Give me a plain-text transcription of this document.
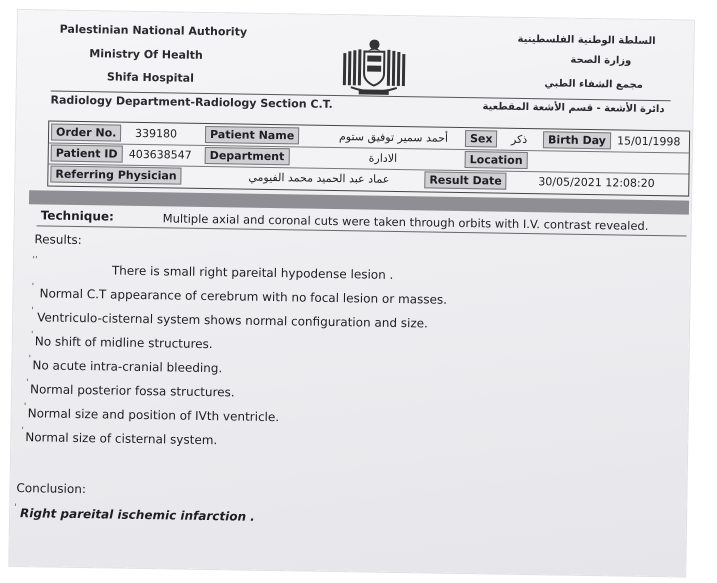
Palestinian National Authority
Ministry Of Health
Shifa Hospital
Radiology Department-Radiology Section C.T.
السلطة الوطنية الفلسطينية
وزارة الصحة
مجمع الشفاء الطبي
دائرة الأشعة - قسم الأشعة المقطعية
Order No.	339180	Patient Name	أحمد سمير توفيق ستوم	Sex	ذكر	Birth Day 15/01/1998
Patient ID 403638547	Department	الادارة	Location
Referring Physician	عماد عبد الحميد محمد الفيومي	Result Date	30/05/2021 12:08:20
Technique:	Multiple axial and coronal cuts were taken through orbits with I.V. contrast revealed.
Results:
,,
There is small right pareital hypodense lesion .
' Normal C.T appearance of cerebrum with no focal lesion or masses.
' Ventriculo-cisternal system shows normal configuration and size.
' No shift of midline structures.
' No acute intra-cranial bleeding.
' Normal posterior fossa structures.
' Normal size and position of IVth ventricle.
' Normal size of cisternal system.
Conclusion:
' Right pareital ischemic infarction .
